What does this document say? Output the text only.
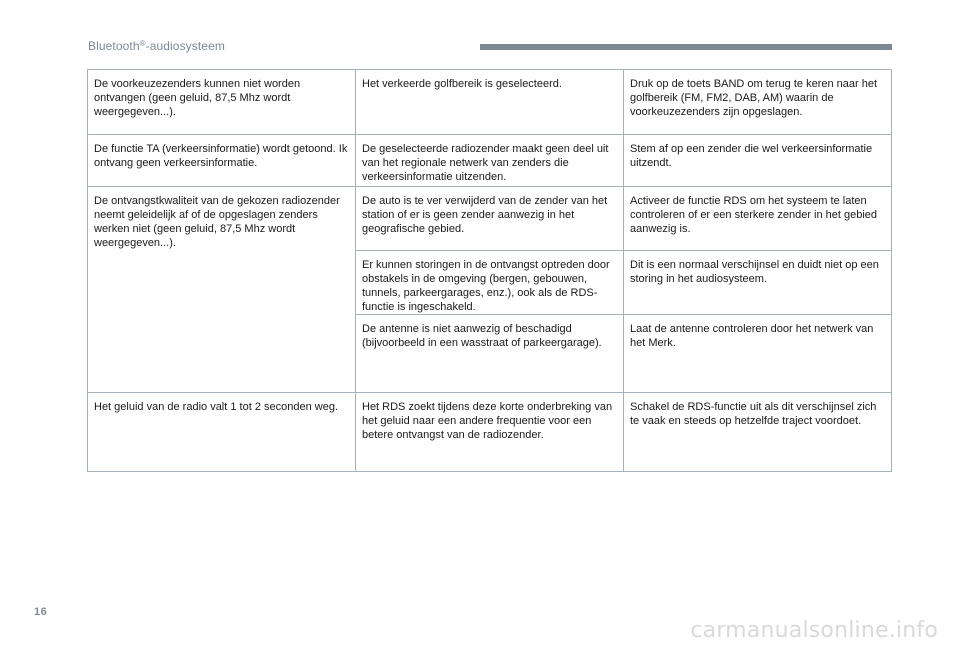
Bluetooth®-audiosysteem
De voorkeuzezenders kunnen niet worden ontvangen (geen geluid, 87,5 Mhz wordt weergegeven...).	Het verkeerde golfbereik is geselecteerd.	Druk op de toets BAND om terug te keren naar het golfbereik (FM, FM2, DAB, AM) waarin de voorkeuzezenders zijn opgeslagen.
De functie TA (verkeersinformatie) wordt getoond. Ik ontvang geen verkeersinformatie.	De geselecteerde radiozender maakt geen deel uit van het regionale netwerk van zenders die verkeersinformatie uitzenden.	Stem af op een zender die wel verkeersinformatie uitzendt.
De ontvangstkwaliteit van de gekozen radiozender neemt geleidelijk af of de opgeslagen zenders werken niet (geen geluid, 87,5 Mhz wordt weergegeven...).	De auto is te ver verwijderd van de zender van het station of er is geen zender aanwezig in het geografische gebied.	Activeer de functie RDS om het systeem te laten controleren of er een sterkere zender in het gebied aanwezig is.
	Er kunnen storingen in de ontvangst optreden door obstakels in de omgeving (bergen, gebouwen, tunnels, parkeergarages, enz.), ook als de RDS-functie is ingeschakeld.	Dit is een normaal verschijnsel en duidt niet op een storing in het audiosysteem.
	De antenne is niet aanwezig of beschadigd (bijvoorbeeld in een wasstraat of parkeergarage).	Laat de antenne controleren door het netwerk van het Merk.
Het geluid van de radio valt 1 tot 2 seconden weg.	Het RDS zoekt tijdens deze korte onderbreking van het geluid naar een andere frequentie voor een betere ontvangst van de radiozender.	Schakel de RDS-functie uit als dit verschijnsel zich te vaak en steeds op hetzelfde traject voordoet.
16
carmanualsonline.info
